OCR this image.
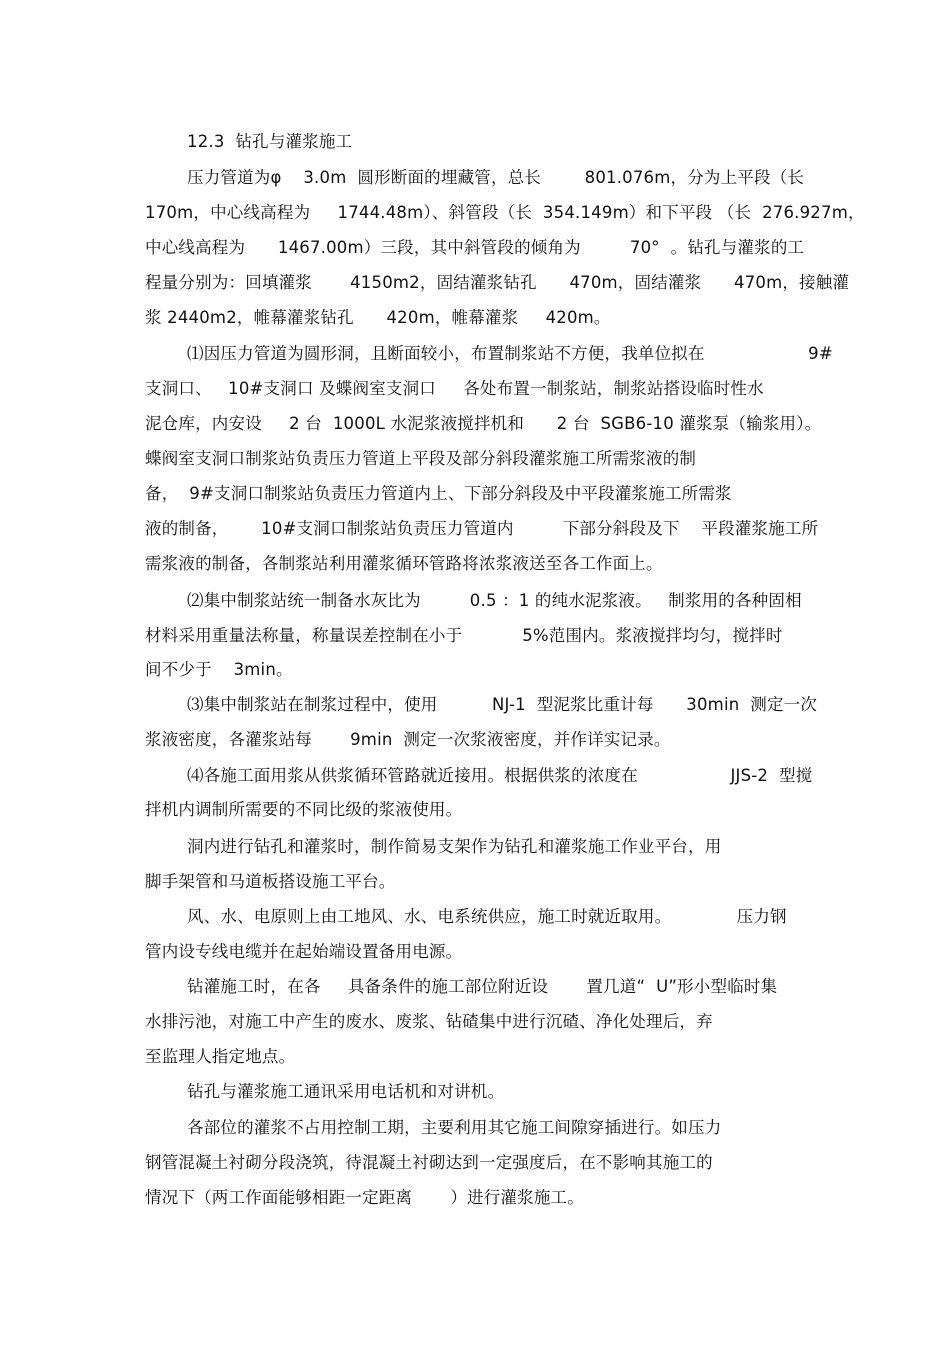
12.3  钻孔与灌浆施工

压力管道为φ    3.0m  圆形断面的埋藏管，总长        801.076m，分为上平段（长

170m，中心线高程为     1744.48m）、斜管段（长  354.149m）和下平段 （长  276.927m，

中心线高程为      1467.00m）三段，其中斜管段的倾角为         70°  。钻孔与灌浆的工

程量分别为：回填灌浆       4150m2，固结灌浆钻孔      470m，固结灌浆      470m，接触灌

浆 2440m2，帷幕灌浆钻孔      420m，帷幕灌浆     420m。

⑴因压力管道为圆形洞，且断面较小，布置制浆站不方便，我单位拟在                   9#

支洞口、   10#支洞口 及蝶阀室支洞口     各处布置一制浆站，制浆站搭设临时性水

泥仓库，内安设     2 台  1000L 水泥浆液搅拌机和      2 台  SGB6-10 灌浆泵（输浆用）。

蝶阀室支洞口制浆站负责压力管道上平段及部分斜段灌浆施工所需浆液的制

备，  9#支洞口制浆站负责压力管道内上、下部分斜段及中平段灌浆施工所需浆

液的制备，      10#支洞口制浆站负责压力管道内         下部分斜段及下    平段灌浆施工所

需浆液的制备，各制浆站利用灌浆循环管路将浓浆液送至各工作面上。

⑵集中制浆站统一制备水灰比为         0.5 ：1 的纯水泥浆液。   制浆用的各种固相

材料采用重量法称量，称量误差控制在小于           5%范围内。浆液搅拌均匀，搅拌时

间不少于    3min。

⑶集中制浆站在制浆过程中，使用          NJ-1  型泥浆比重计每      30min  测定一次

浆液密度，各灌浆站每       9min  测定一次浆液密度，并作详实记录。

⑷各施工面用浆从供浆循环管路就近接用。根据供浆的浓度在                 JJS-2  型搅

拌机内调制所需要的不同比级的浆液使用。

洞内进行钻孔和灌浆时，制作简易支架作为钻孔和灌浆施工作业平台，用

脚手架管和马道板搭设施工平台。

风、水、电原则上由工地风、水、电系统供应，施工时就近取用。            压力钢

管内设专线电缆并在起始端设置备用电源。

钻灌施工时，在各     具备条件的施工部位附近设       置几道“  U”形小型临时集

水排污池，对施工中产生的废水、废浆、钻碴集中进行沉碴、净化处理后，弃

至监理人指定地点。

钻孔与灌浆施工通讯采用电话机和对讲机。

各部位的灌浆不占用控制工期，主要利用其它施工间隙穿插进行。如压力

钢管混凝土衬砌分段浇筑，待混凝土衬砌达到一定强度后，在不影响其施工的

情况下（两工作面能够相距一定距离       ）进行灌浆施工。
